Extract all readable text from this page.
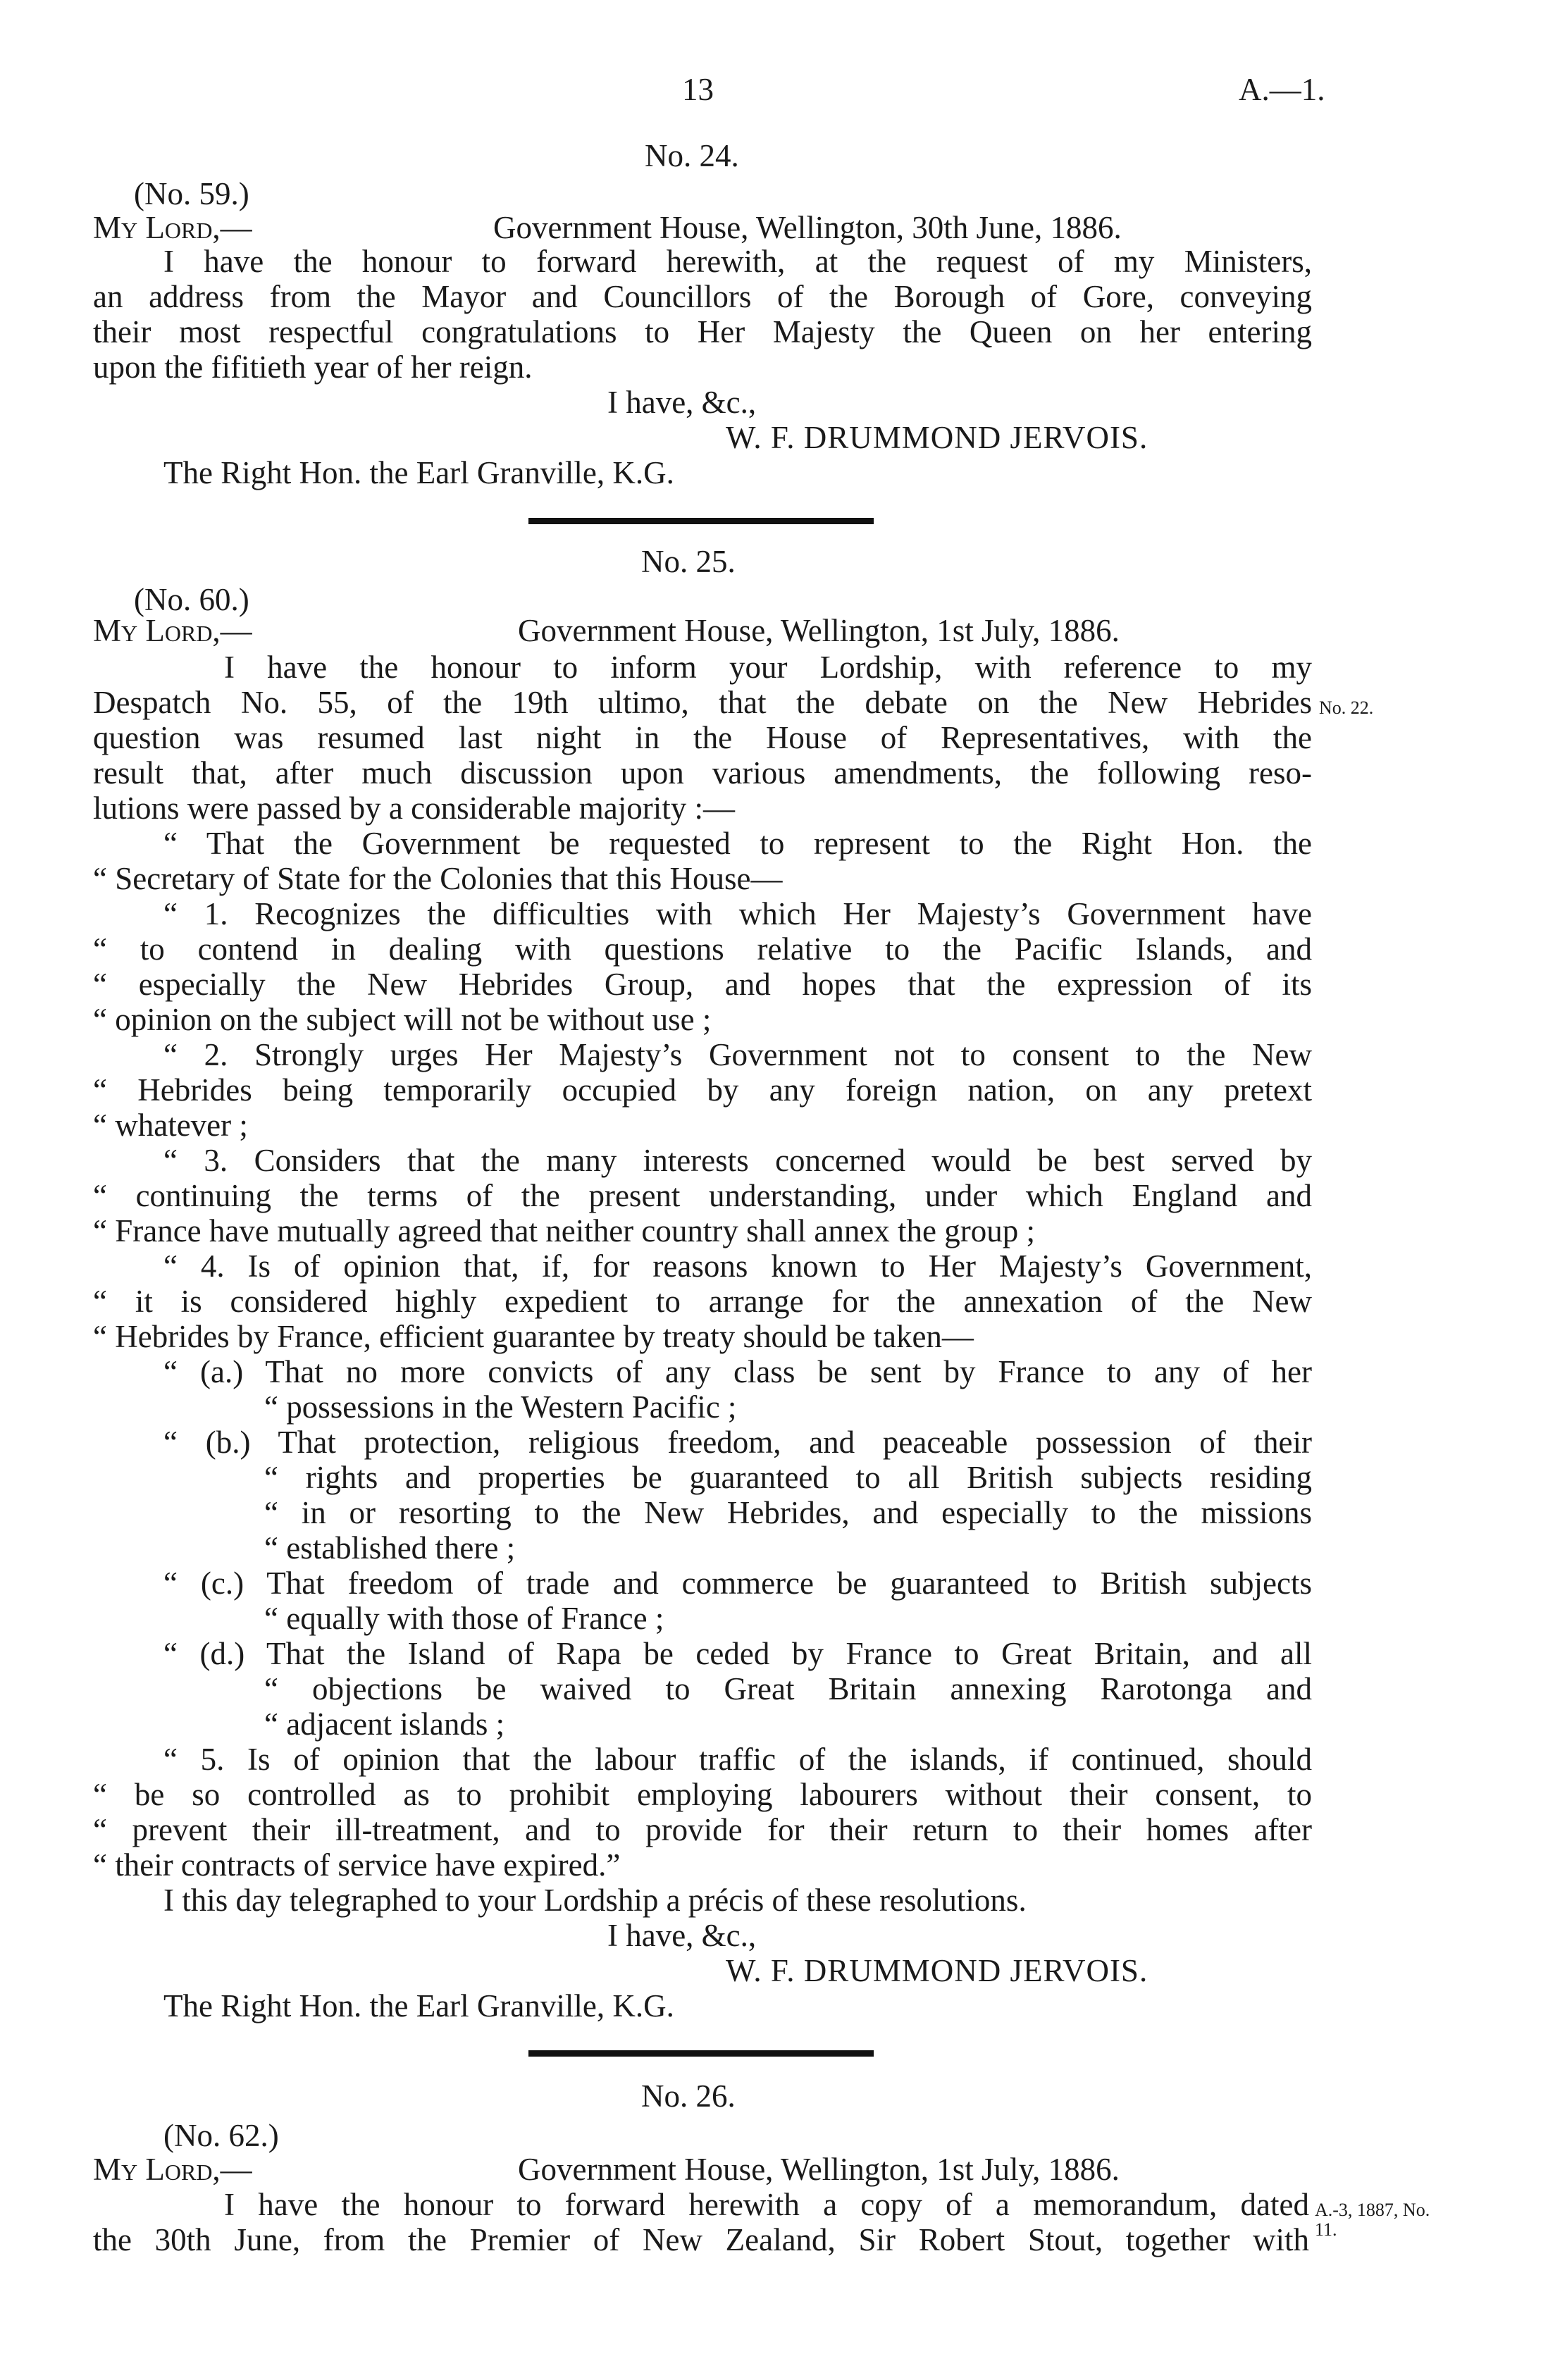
13	A.—1.
No. 24.
(No. 59.)
My Lord,—	Government House, Wellington, 30th June, 1886.
I have the honour to forward herewith, at the request of my Ministers,
an address from the Mayor and Councillors of the Borough of Gore, conveying
their most respectful congratulations to Her Majesty the Queen on her entering
upon the fifitieth year of her reign.
I have, &c.,
W. F. DRUMMOND JERVOIS.
The Right Hon. the Earl Granville, K.G.
No. 25.
(No. 60.)
My Lord,—	Government House, Wellington, 1st July, 1886.
I have the honour to inform your Lordship, with reference to my
Despatch No. 55, of the 19th ultimo, that the debate on the New Hebrides No. 22.
question was resumed last night in the House of Representatives, with the
result that, after much discussion upon various amendments, the following reso-
lutions were passed by a considerable majority :—
“ That the Government be requested to represent to the Right Hon. the
“ Secretary of State for the Colonies that this House—
“ 1. Recognizes the difficulties with which Her Majesty’s Government have
“ to contend in dealing with questions relative to the Pacific Islands, and
“ especially the New Hebrides Group, and hopes that the expression of its
“ opinion on the subject will not be without use ;
“ 2. Strongly urges Her Majesty’s Government not to consent to the New
“ Hebrides being temporarily occupied by any foreign nation, on any pretext
“ whatever ;
“ 3. Considers that the many interests concerned would be best served by
“ continuing the terms of the present understanding, under which England and
“ France have mutually agreed that neither country shall annex the group ;
“ 4. Is of opinion that, if, for reasons known to Her Majesty’s Government,
“ it is considered highly expedient to arrange for the annexation of the New
“ Hebrides by France, efficient guarantee by treaty should be taken—
“ (a.) That no more convicts of any class be sent by France to any of her
“ possessions in the Western Pacific ;
“ (b.) That protection, religious freedom, and peaceable possession of their
“ rights and properties be guaranteed to all British subjects residing
“ in or resorting to the New Hebrides, and especially to the missions
“ established there ;
“ (c.) That freedom of trade and commerce be guaranteed to British subjects
“ equally with those of France ;
“ (d.) That the Island of Rapa be ceded by France to Great Britain, and all
“ objections be waived to Great Britain annexing Rarotonga and
“ adjacent islands ;
“ 5. Is of opinion that the labour traffic of the islands, if continued, should
“ be so controlled as to prohibit employing labourers without their consent, to
“ prevent their ill-treatment, and to provide for their return to their homes after
“ their contracts of service have expired.”
I this day telegraphed to your Lordship a précis of these resolutions.
I have, &c.,
W. F. DRUMMOND JERVOIS.
The Right Hon. the Earl Granville, K.G.
No. 26.
(No. 62.)
My Lord,—	Government House, Wellington, 1st July, 1886.
I have the honour to forward herewith a copy of a memorandum, dated A.-3, 1887, No.
the 30th June, from the Premier of New Zealand, Sir Robert Stout, together with 11.
